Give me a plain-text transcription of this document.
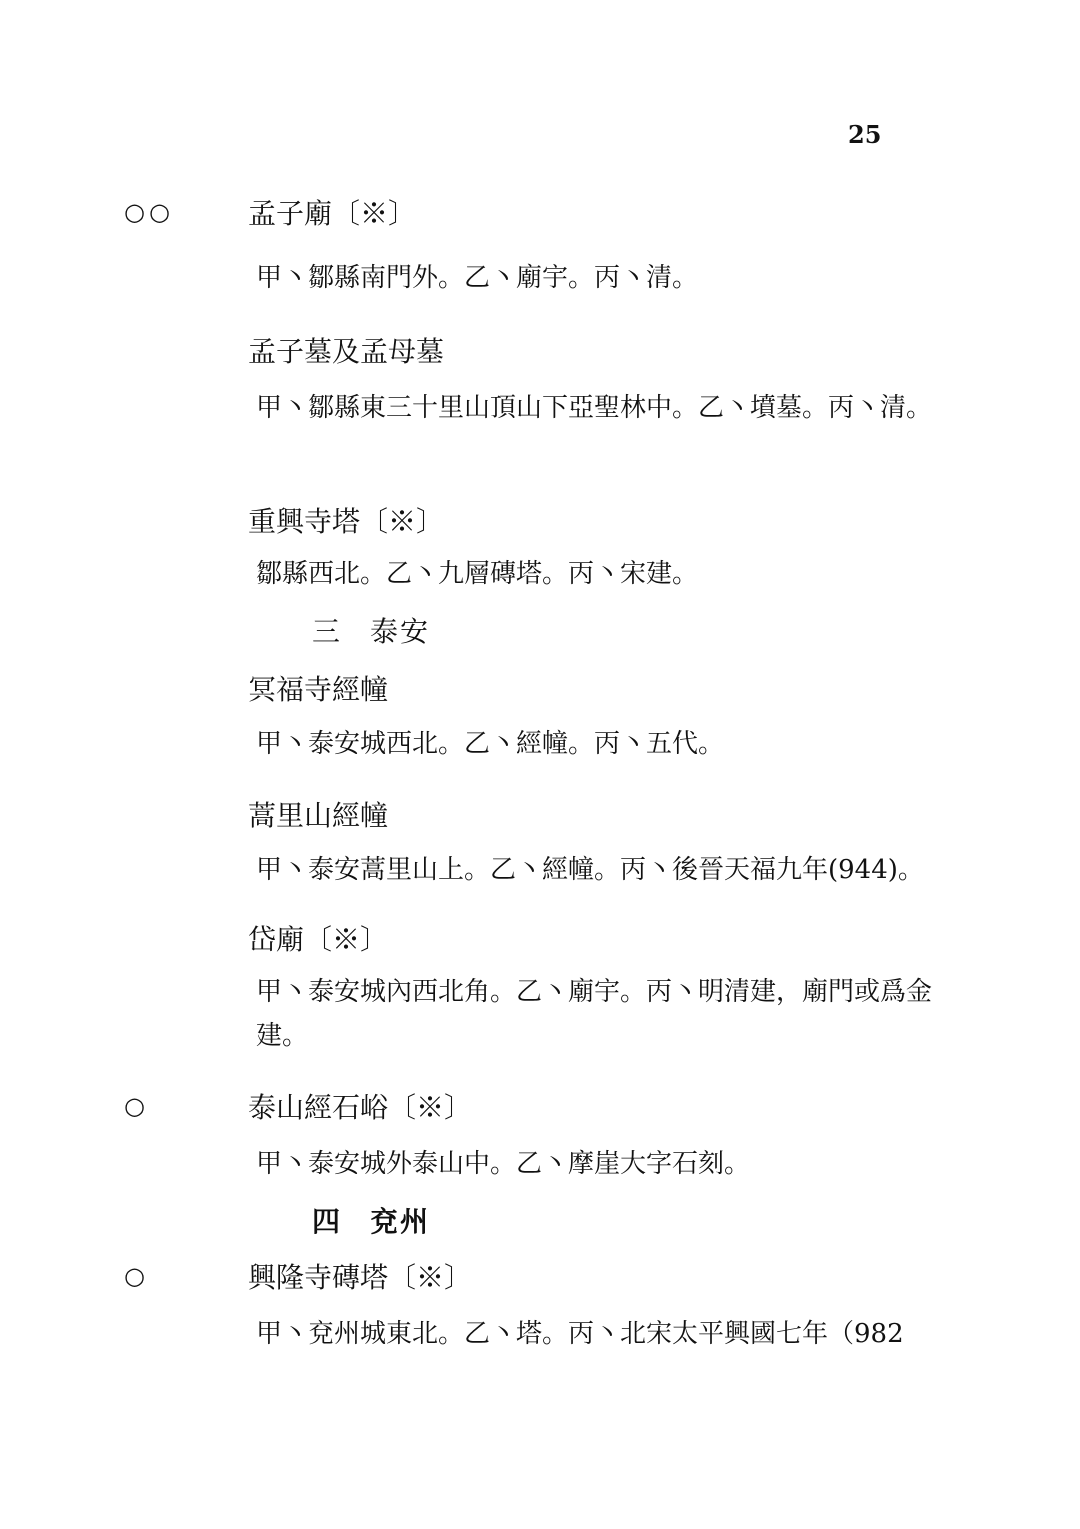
25
○○	孟子廟〔※〕
甲丶鄒縣南門外。乙丶廟宇。丙丶清。
孟子墓及孟母墓
甲丶鄒縣東三十里山頂山下亞聖林中。乙丶墳墓。丙丶清。
重興寺塔〔※〕
鄒縣西北。乙丶九層磚塔。丙丶宋建。
三 泰安
冥福寺經幢
甲丶泰安城西北。乙丶經幢。丙丶五代。
蒿里山經幢
甲丶泰安蒿里山上。乙丶經幢。丙丶後晉天福九年(944)。
岱廟〔※〕
甲丶泰安城內西北角。乙丶廟宇。丙丶明清建，廟門或爲金建。
○	泰山經石峪〔※〕
甲丶泰安城外泰山中。乙丶摩崖大字石刻。
四 兗州
○	興隆寺磚塔〔※〕
甲丶兗州城東北。乙丶塔。丙丶北宋太平興國七年（982
